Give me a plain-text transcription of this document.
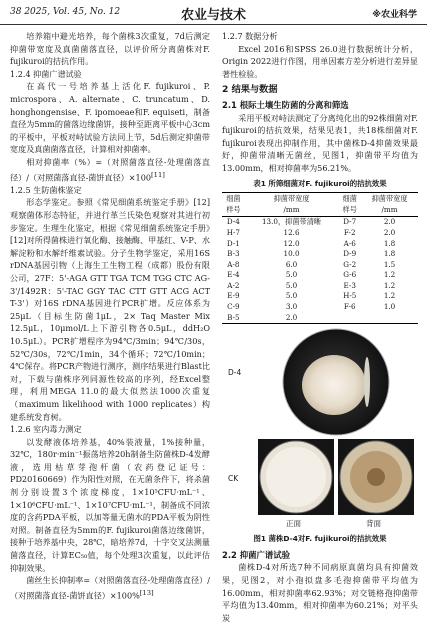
38 2025, Vol. 45, No. 12	农业与技术	※农业科学

培养箱中避光培养，每个菌株3次重复，7d后测定抑菌带宽度及真菌菌落直径，以评价所分离菌株对F. fujikuroi的拮抗作用。

1.2.4 抑菌广谱试验

在高代一号培养基上活化F. fujikuroi、P. microspora、A. alternate、C. truncatum、D. honghongensise、F. ipomoeae和F. equiseti，制备直径为5mm的菌落边缘菌饼，接种至距离平板中心3cm的平板中，平板对峙试验方法同上节，5d后测定抑菌带宽度及真菌菌落直径，计算相对抑菌率。

相对抑菌率（%）=（对照菌落直径-处理菌落直径）/（对照菌落直径-菌饼直径）×100[11]

1.2.5 生防菌株鉴定

形态学鉴定。参照《常见细菌系统鉴定手册》[12]观察菌体形态特征，并进行革兰氏染色观察对其进行初步鉴定。生理生化鉴定，根据《常见细菌系统鉴定手册》[12]对所得菌株进行氧化酶、接触酶、甲基红、V-P、水解淀粉和水解纤维素试验。分子生物学鉴定，采用16S rDNA基因引物（上海生工生物工程（成都）股份有限公司，27F：5'-AGA GTT TGA TCM TGG CTC AG-3'/1492R：5'-TAC GGY TAC CTT GTT ACG ACT T-3'）对16S rDNA基因进行PCR扩增。反应体系为25μL（目标生防菌1μL，2× Taq Master Mix 12.5μL，10μmol/L上下游引物各0.5μL，ddH₂O 10.5μL）。PCR扩增程序为94℃/3min；94℃/30s，52℃/30s，72℃/1min，34个循环；72℃/10min；4℃保存。将PCR产物进行测序，测序结果进行Blast比对，下载与菌株序列同源性较高的序列，经Excel整理，利用MEGA 11.0的最大似然法1000次重复（maximum likelihood with 1000 replicates）构建系统发育树。

1.2.6 室内毒力测定

以发酵液体培养基，40%装液量，1%接种量，32℃，180r·min⁻¹振荡培养20h制备生防菌株D-4发酵液，选用枯草芽孢杆菌（农药登记证号：PD20160669）作为阳性对照，在无菌条件下，将杀菌剂分别设置3个浓度梯度，1×10⁵CFU·mL⁻¹、1×10⁶CFU·mL⁻¹、1×10⁷CFU·mL⁻¹，制备成不同浓度的含药PDA平板，以加等量无菌水的PDA平板为阴性对照。制备直径为5mm的F. fujikuroi菌落边缘菌饼，接种于培养基中央，28℃，暗培养7d，十字交叉法测量菌落直径，计算EC₅₀值，每个处理3次重复，以此评估抑制效果。

菌丝生长抑制率=（对照菌落直径-处理菌落直径）/（对照菌落直径-菌饼直径）×100%[13]

1.2.7 数据分析

Excel 2016和SPSS 26.0进行数据统计分析，Origin 2022进行作图，用单因素方差分析进行差异显著性检验。

2 结果与数据
2.1 根际土壤生防菌的分离和筛选

采用平板对峙法测定了分离纯化出的92株细菌对F. fujikuroi的拮抗效果，结果见表1，共18株细菌对F. fujikuroi表现出抑制作用，其中菌株D-4抑菌效果最好，抑菌带清晰无菌丝，见图1，抑菌带平均值为13.00mm，相对抑菌率为56.21%。

表1 所筛细菌对F. fujikuroi的拮抗效果
细菌
样号	抑菌带宽度
/mm	细菌
样号	抑菌带宽度
/mm
D-4	13.0，抑菌带清晰	D-7	2.0
H-7	12.6	F-2	2.0
D-1	12.0	A-6	1.8
B-3	10.0	D-9	1.8
A-8	6.0	G-2	1.5
E-4	5.0	G-6	1.2
A-2	5.0	E-3	1.2
E-9	5.0	H-5	1.2
C-9	3.0	F-6	1.0
B-5	2.0		
D-4
CK
正面	背面
图1 菌株D-4对F. fujikuroi的拮抗效果
2.2 抑菌广谱试验

菌株D-4对所选7种不同病原真菌均具有抑菌效果，见图2，对小孢拟盘多毛孢抑菌带平均值为16.00mm，相对抑菌率62.93%；对交链格孢抑菌带平均值为13.40mm，相对抑菌率为60.21%；对平头炭
